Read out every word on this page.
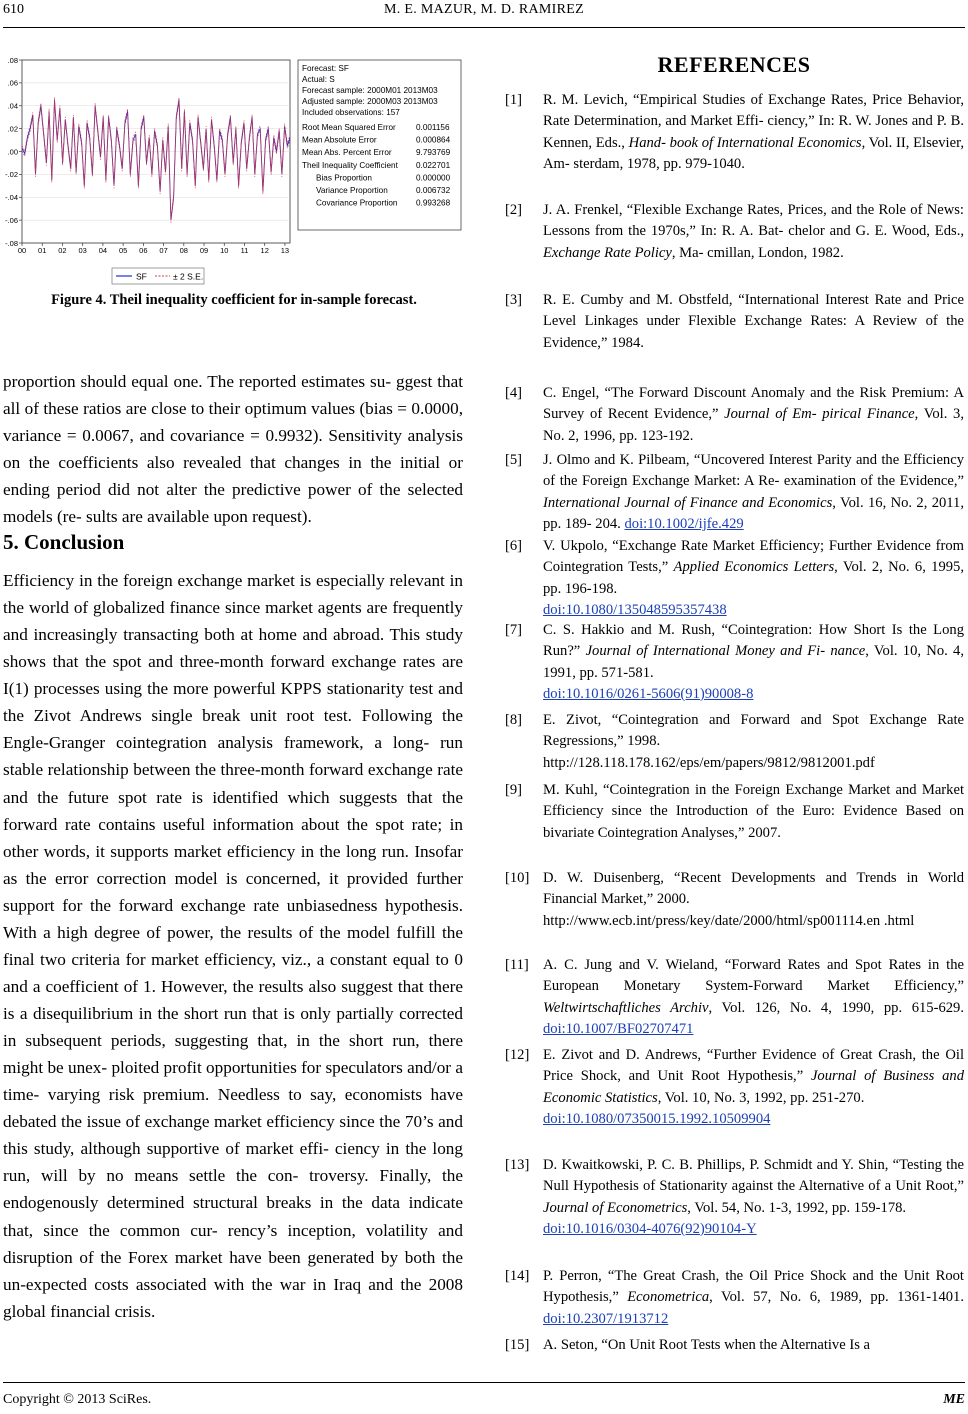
610	M. E. MAZUR, M. D. RAMIREZ
.08
.06
.04
.02
.00
-.02
-.04
-.06
-.08
00 01 02 03 04 05 06 07 08 09 10 11 12 13
Forecast: SF
Actual: S
Forecast sample: 2000M01 2013M03
Adjusted sample: 2000M03 2013M03
Included observations: 157
Root Mean Squared Error 0.001156
Mean Absolute Error	0.000864
Mean Abs. Percent Error	9.793769
Theil Inequality Coefficient 0.022701
Bias Proportion	0.000000
Variance Proportion	0.006732
Covariance Proportion 0.993268
SF	± 2 S.E.
Figure 4. Theil inequality coefficient for in-sample forecast.

proportion should equal one. The reported estimates su- ggest that all of these ratios are close to their optimum values (bias = 0.0000, variance = 0.0067, and covariance = 0.9932). Sensitivity analysis on the coefficients also revealed that changes in the initial or ending period did not alter the predictive power of the selected models (re- sults are available upon request).

5. Conclusion

Efficiency in the foreign exchange market is especially relevant in the world of globalized finance since market agents are frequently and increasingly transacting both at home and abroad. This study shows that the spot and three-month forward exchange rates are I(1) processes using the more powerful KPPS stationarity test and the Zivot Andrews single break unit root test. Following the Engle-Granger cointegration analysis framework, a long- run stable relationship between the three-month forward exchange rate and the future spot rate is identified which suggests that the forward rate contains useful information about the spot rate; in other words, it supports market efficiency in the long run. Insofar as the error correction model is concerned, it provided further support for the forward exchange rate unbiasedness hypothesis. With a high degree of power, the results of the model fulfill the final two criteria for market efficiency, viz., a constant equal to 0 and a coefficient of 1. However, the results also suggest that there is a disequilibrium in the short run that is only partially corrected in subsequent periods, suggesting that, in the short run, there might be unex- ploited profit opportunities for speculators and/or a time- varying risk premium. Needless to say, economists have debated the issue of exchange market efficiency since the 70’s and this study, although supportive of market effi- ciency in the long run, will by no means settle the con- troversy. Finally, the endogenously determined structural breaks in the data indicate that, since the common cur- rency’s inception, volatility and disruption of the Forex market have been generated by both the un-expected costs associated with the war in Iraq and the 2008 global financial crisis.

REFERENCES
[1] R. M. Levich, “Empirical Studies of Exchange Rates, Price Behavior, Rate Determination, and Market Effi- ciency,” In: R. W. Jones and P. B. Kennen, Eds., Hand- book of International Economics, Vol. II, Elsevier, Am- sterdam, 1978, pp. 979-1040.
[2] J. A. Frenkel, “Flexible Exchange Rates, Prices, and the Role of News: Lessons from the 1970s,” In: R. A. Bat- chelor and G. E. Wood, Eds., Exchange Rate Policy, Ma- cmillan, London, 1982.
[3] R. E. Cumby and M. Obstfeld, “International Interest Rate and Price Level Linkages under Flexible Exchange Rates: A Review of the Evidence,” 1984.
[4] C. Engel, “The Forward Discount Anomaly and the Risk Premium: A Survey of Recent Evidence,” Journal of Em- pirical Finance, Vol. 3, No. 2, 1996, pp. 123-192.
[5] J. Olmo and K. Pilbeam, “Uncovered Interest Parity and the Efficiency of the Foreign Exchange Market: A Re- examination of the Evidence,” International Journal of Finance and Economics, Vol. 16, No. 2, 2011, pp. 189- 204. doi:10.1002/ijfe.429
[6] V. Ukpolo, “Exchange Rate Market Efficiency; Further Evidence from Cointegration Tests,” Applied Economics Letters, Vol. 2, No. 6, 1995, pp. 196-198.
doi:10.1080/135048595357438
[7] C. S. Hakkio and M. Rush, “Cointegration: How Short Is the Long Run?” Journal of International Money and Fi- nance, Vol. 10, No. 4, 1991, pp. 571-581.
doi:10.1016/0261-5606(91)90008-8
[8] E. Zivot, “Cointegration and Forward and Spot Exchange Rate Regressions,” 1998.
http://128.118.178.162/eps/em/papers/9812/9812001.pdf
[9] M. Kuhl, “Cointegration in the Foreign Exchange Market and Market Efficiency since the Introduction of the Euro: Evidence Based on bivariate Cointegration Analyses,” 2007.
[10] D. W. Duisenberg, “Recent Developments and Trends in World Financial Market,” 2000.
http://www.ecb.int/press/key/date/2000/html/sp001114.en .html
[11] A. C. Jung and V. Wieland, “Forward Rates and Spot Rates in the European Monetary System-Forward Market Efficiency,” Weltwirtschaftliches Archiv, Vol. 126, No. 4, 1990, pp. 615-629. doi:10.1007/BF02707471
[12] E. Zivot and D. Andrews, “Further Evidence of Great Crash, the Oil Price Shock, and Unit Root Hypothesis,” Journal of Business and Economic Statistics, Vol. 10, No. 3, 1992, pp. 251-270.
doi:10.1080/07350015.1992.10509904
[13] D. Kwaitkowski, P. C. B. Phillips, P. Schmidt and Y. Shin, “Testing the Null Hypothesis of Stationarity against the Alternative of a Unit Root,” Journal of Econometrics, Vol. 54, No. 1-3, 1992, pp. 159-178.
doi:10.1016/0304-4076(92)90104-Y
[14] P. Perron, “The Great Crash, the Oil Price Shock and the Unit Root Hypothesis,” Econometrica, Vol. 57, No. 6, 1989, pp. 1361-1401. doi:10.2307/1913712
[15] A. Seton, “On Unit Root Tests when the Alternative Is a
Copyright © 2013 SciRes.	ME
